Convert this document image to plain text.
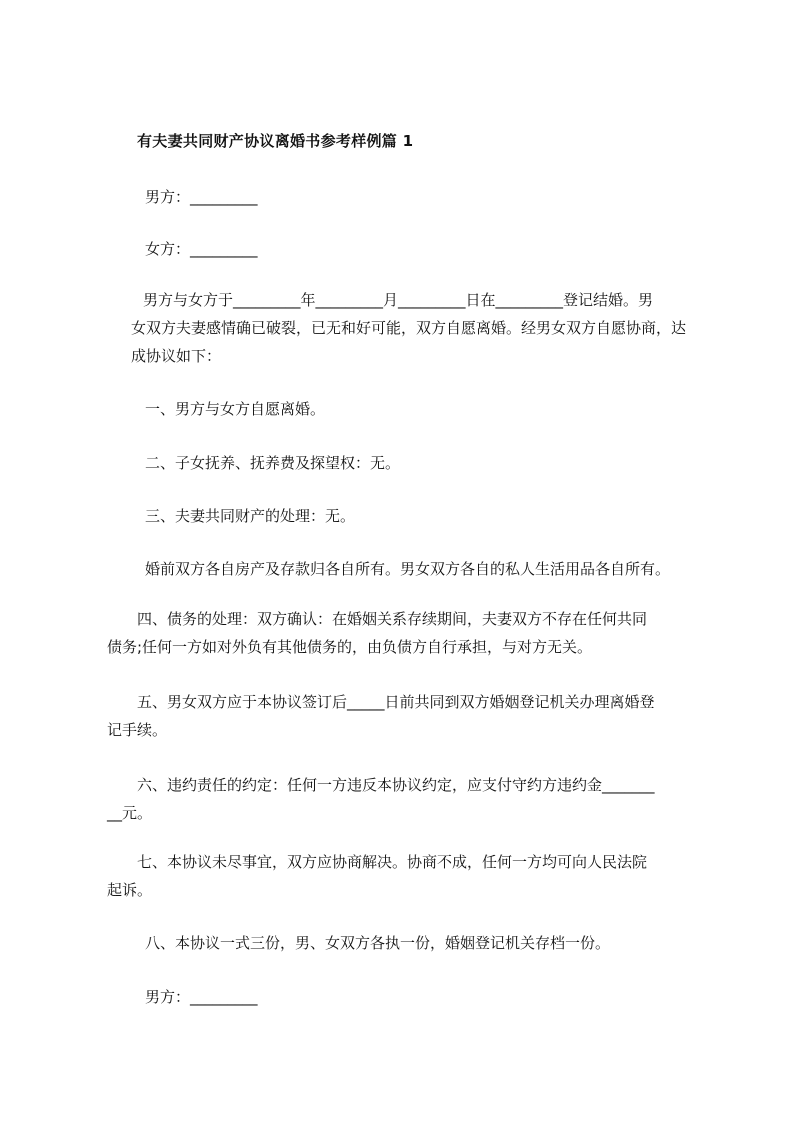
有夫妻共同财产协议离婚书参考样例篇 1
男方：_________
女方：_________
男方与女方于_________年_________月_________日在_________登记结婚。男
女双方夫妻感情确已破裂，已无和好可能，双方自愿离婚。经男女双方自愿协商，达
成协议如下：
一、男方与女方自愿离婚。
二、子女抚养、抚养费及探望权：无。
三、夫妻共同财产的处理：无。
婚前双方各自房产及存款归各自所有。男女双方各自的私人生活用品各自所有。
四、债务的处理：双方确认：在婚姻关系存续期间，夫妻双方不存在任何共同
债务;任何一方如对外负有其他债务的，由负债方自行承担，与对方无关。
五、男女双方应于本协议签订后_____日前共同到双方婚姻登记机关办理离婚登
记手续。
六、违约责任的约定：任何一方违反本协议约定，应支付守约方违约金_______
__元。
七、本协议未尽事宜，双方应协商解决。协商不成，任何一方均可向人民法院
起诉。
八、本协议一式三份，男、女双方各执一份，婚姻登记机关存档一份。
男方：_________
